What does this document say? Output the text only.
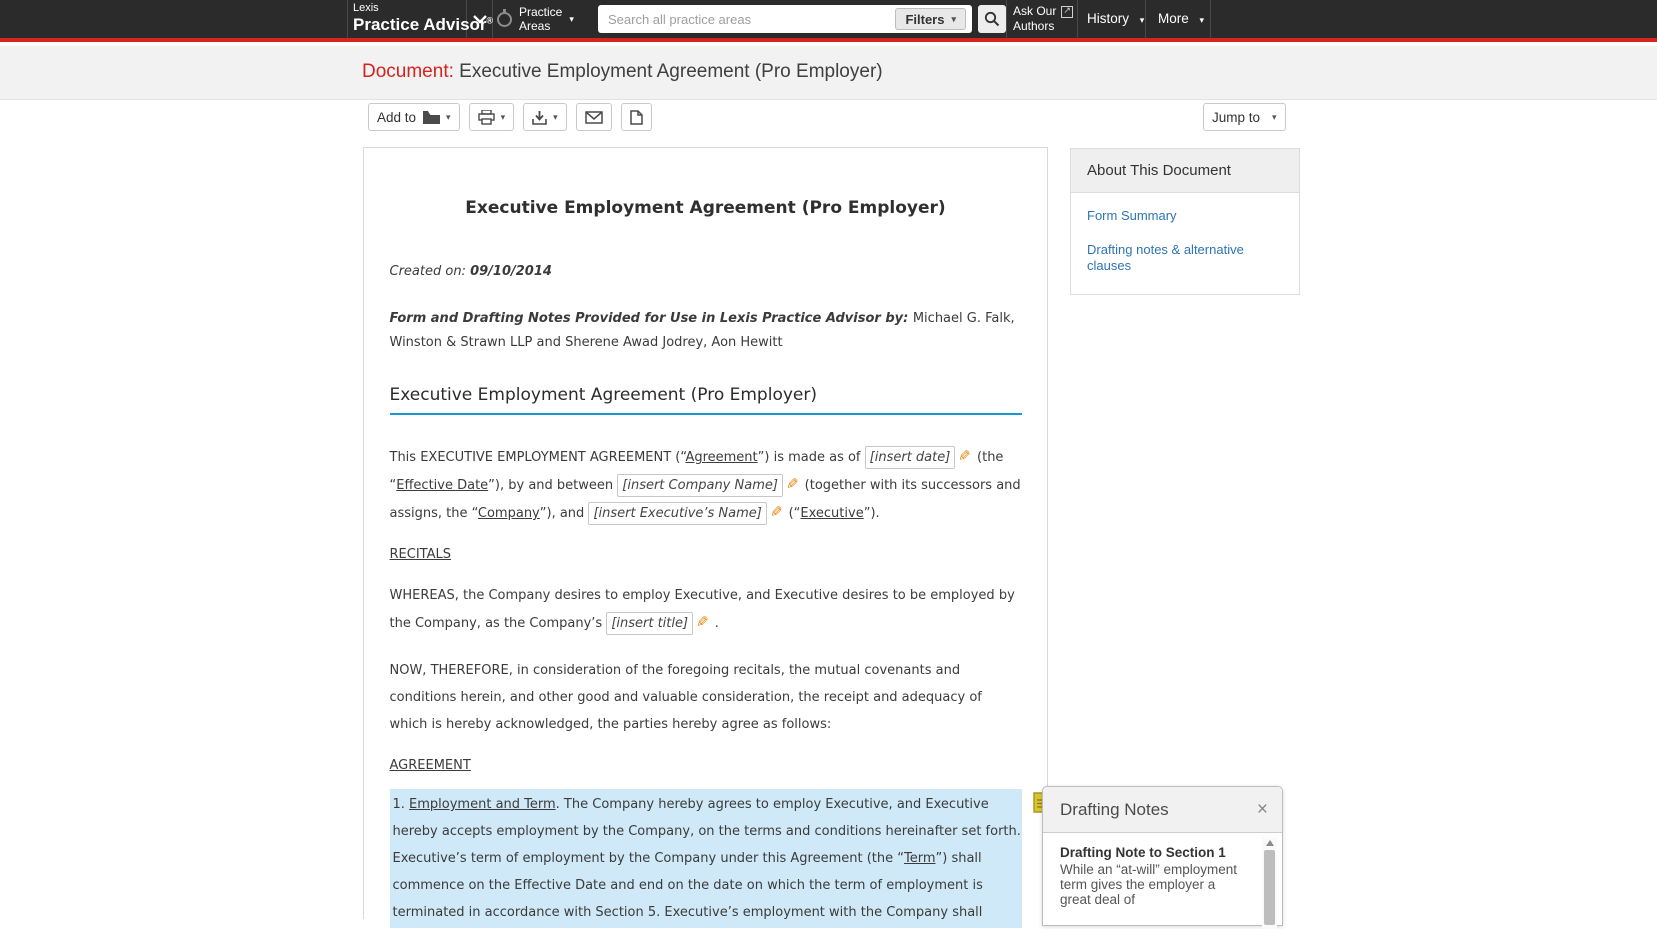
Lexis
Practice Advisor®
Practice
Areas
▾
Search all practice areas	Filters ▾
Ask Our
Authors ↗ History ▾ More ▾
Document: Executive Employment Agreement (Pro Employer)
Add to	▾	▾	▾	Jump to ▾
Executive Employment Agreement (Pro Employer)

Created on: 09/10/2014

Form and Drafting Notes Provided for Use in Lexis Practice Advisor by: Michael G. Falk, Winston & Strawn LLP and Sherene Awad Jodrey, Aon Hewitt

Executive Employment Agreement (Pro Employer)

This EXECUTIVE EMPLOYMENT AGREEMENT (“Agreement”) is made as of [insert date] ✎ (the “Effective Date”), by and between [insert Company Name] ✎ (together with its successors and assigns, the “Company”), and [insert Executive’s Name] ✎ (“Executive”).

RECITALS

WHEREAS, the Company desires to employ Executive, and Executive desires to be employed by the Company, as the Company’s [insert title] ✎ .

NOW, THEREFORE, in consideration of the foregoing recitals, the mutual covenants and conditions herein, and other good and valuable consideration, the receipt and adequacy of which is hereby acknowledged, the parties hereby agree as follows:

AGREEMENT

1. Employment and Term. The Company hereby agrees to employ Executive, and Executive hereby accepts employment by the Company, on the terms and conditions hereinafter set forth. Executive’s term of employment by the Company under this Agreement (the “Term”) shall commence on the Effective Date and end on the date on which the term of employment is terminated in accordance with Section 5. Executive’s employment with the Company shall

About This Document
Form Summary
Drafting notes & alternative clauses
Drafting Notes	×
Drafting Note to Section 1
While an “at-will” employment term gives the employer a great deal of
